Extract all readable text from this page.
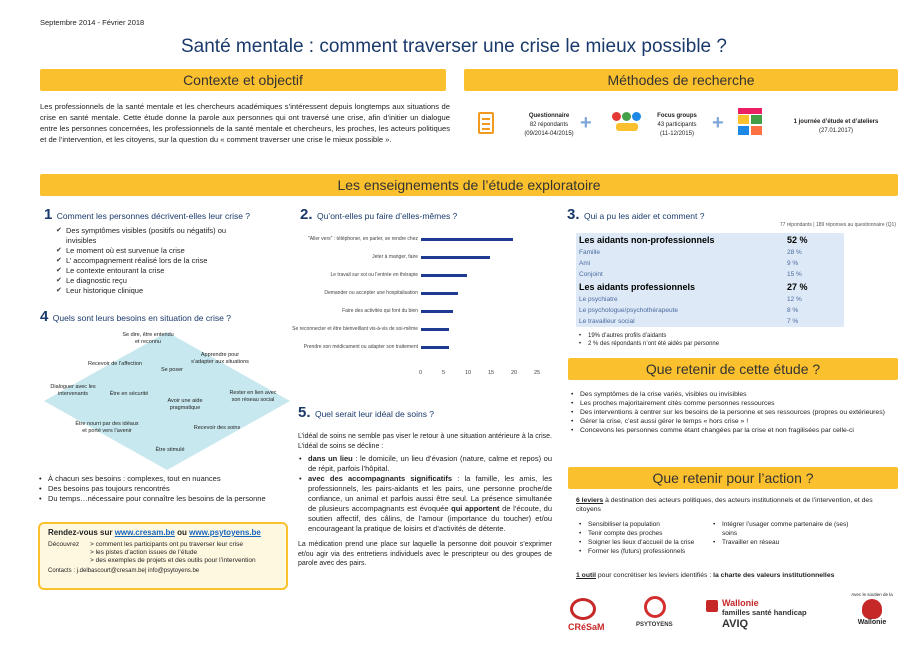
Septembre 2014 - Février 2018
Santé mentale : comment traverser une crise le mieux possible ?
Contexte et objectif	Méthodes de recherche
Les professionnels de la santé mentale et les chercheurs académiques s’intéressent depuis longtemps aux situations de crise en santé mentale. Cette étude donne la parole aux personnes qui ont traversé une crise, afin d’initier un dialogue entre les personnes concernées, les professionnels de la santé mentale et chercheurs, les proches, les acteurs politiques et de l’intervention, et les citoyens, sur la question du « comment traverser une crise le mieux possible ».
Questionnaire
82 répondants
(09/2014-04/2015) +	Focus groups
43 participants
(11-12/2015) +	1 journée d’étude et d’ateliers
(27.01.2017)
Les enseignements de l’étude exploratoire
1 Comment les personnes décrivent-elles leur crise ?
✔ Des symptômes visibles (positifs ou négatifs) ou invisibles
✔ Le moment où est survenue la crise
✔ L’ accompagnement réalisé lors de la crise
✔ Le contexte entourant la crise
✔ Le diagnostic reçu
✔ Leur historique clinique
4 Quels sont leurs besoins en situation de crise ?
Se dire, être entendu et reconnu
Recevoir de l’affection
Se poser
Apprendre pour s’adapter aux situations
Dialoguer avec les intervenants	Être en sécurité
Avoir une aide pragmatique
Rester en lien avec son réseau social
Être nourri par des idéaux et porté vers l’avenir	Recevoir des soins
Être stimulé
• À chacun ses besoins : complexes, tout en nuances
• Des besoins pas toujours rencontrés
• Du temps…nécessaire pour connaître les besoins de la personne
Rendez-vous sur www.cresam.be ou www.psytoyens.be
Découvrez	> comment les participants ont pu traverser leur crise
> les pistes d’action issues de l’étude
> des exemples de projets et des outils pour l’intervention
Contacts : j.delbascourt@cresam.be| info@psytoyens.be
2. Qu’ont-elles pu faire d’elles-mêmes ?
"Aller vers" : téléphoner, en parler, se rendre chez
Jeter à manger, faire
Le travail sur soi ou l’entrée en thérapie
Demander ou accepter une hospitalisation
Faire des activités qui font du bien
Se reconnecter et être bienveillant vis-à-vis de soi-même
Prendre son médicament ou adapter son traitement
0	5	10	15	20	25
5. Quel serait leur idéal de soins ?
L’idéal de soins ne semble pas viser le retour à une situation antérieure à la crise. L’idéal de soins se décline :
• dans un lieu : le domicile, un lieu d’évasion (nature, calme et repos) ou de répit, parfois l’hôpital.
• avec des accompagnants significatifs : la famille, les amis, les professionnels, les pairs-aidants et les pairs, une personne proche/de confiance, un animal et parfois aussi être seul. La présence simultanée de plusieurs accompagnants est évoquée qui apportent de l’écoute, du soutien affectif, des câlins, de l’amour (importance du toucher) et/ou encourageant la pratique de loisirs et d’activités de détente.
La médication prend une place sur laquelle la personne doit pouvoir s’exprimer et/ou agir via des entretiens individuels avec le prescripteur ou des groupes de parole avec des pairs.
3. Qui a pu les aider et comment ?
77 répondants | 189 réponses au questionnaire (Q1)
Les aidants non-professionnels	52 %
Famille	28 %
Ami	9 %
Conjoint	15 %
Les aidants professionnels	27 %
Le psychiatre	12 %
Le psychologue/psychothérapeute	8 %
Le travailleur social	7 %
• 19% d’autres profils d’aidants
• 2 % des répondants n’ont été aidés par personne
Que retenir de cette étude ?
• Des symptômes de la crise variés, visibles ou invisibles
• Les proches majoritairement cités comme personnes ressources
• Des interventions à centrer sur les besoins de la personne et ses ressources (propres ou extérieures)
• Gérer la crise, c’est aussi gérer le temps « hors crise » !
• Concevons les personnes comme étant changées par la crise et non fragilisées par celle-ci
Que retenir pour l’action ?
6 leviers à destination des acteurs politiques, des acteurs institutionnels et de l’intervention, et des citoyens
• Sensibiliser la population
• Tenir compte des proches
• Soigner les lieux d’accueil de la crise
• Former les (futurs) professionnels
• Intégrer l’usager comme partenaire de (ses) soins
• Travailler en réseau
1 outil pour concrétiser les leviers identifiés : la charte des valeurs institutionnelles
CRéSaM	PSYTOYENS
Wallonie
familles santé handicap
AVIQ
Avec le soutien de la
Wallonie
